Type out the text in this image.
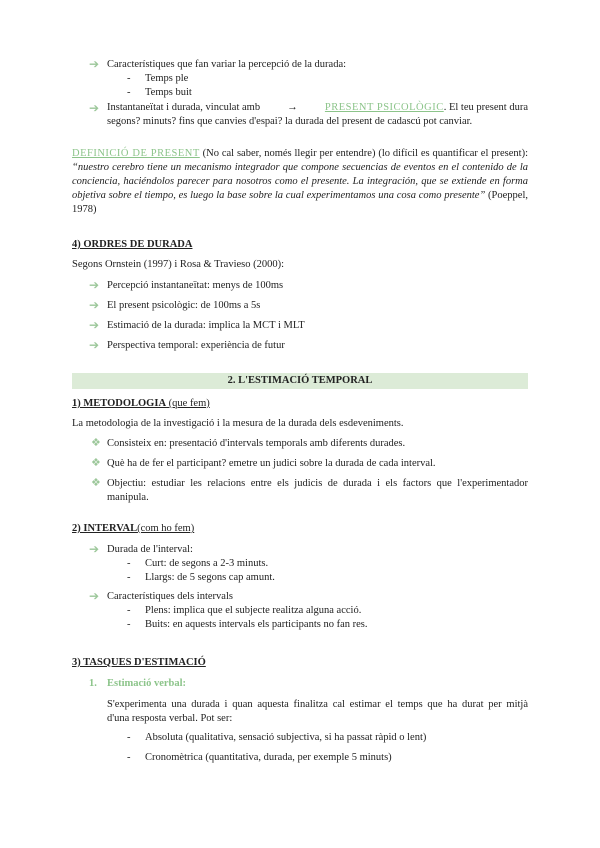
➔ Característiques que fan variar la percepció de la durada:
- Temps ple
- Temps buit
➔ Instantaneïtat i durada, vinculat amb	→	PRESENT PSICOLÒGIC. El teu present dura
segons? minuts? fins que canvies d'espai? la durada del present de cadascú pot canviar.
DEFINICIÓ DE PRESENT (No cal saber, només llegir per entendre) (lo difícil es quantificar el present): “nuestro cerebro tiene un mecanismo integrador que compone secuencias de eventos en el contenido de la conciencia, haciéndolos parecer para nosotros como el presente. La integración, que se extiende en forma objetiva sobre el tiempo, es luego la base sobre la cual experimentamos una cosa como presente” (Poeppel, 1978)
4) ORDRES DE DURADA
Segons Ornstein (1997) i Rosa & Travieso (2000):
➔ Percepció instantaneïtat: menys de 100ms
➔ El present psicològic: de 100ms a 5s
➔ Estimació de la durada: implica la MCT i MLT
➔ Perspectiva temporal: experiència de futur
2. L'ESTIMACIÓ TEMPORAL
1) METODOLOGIA (que fem)
La metodologia de la investigació i la mesura de la durada dels esdeveniments.
❖ Consisteix en: presentació d'intervals temporals amb diferents durades.
❖ Què ha de fer el participant? emetre un judici sobre la durada de cada interval.
❖ Objectiu: estudiar les relacions entre els judicis de durada i els factors que l'experimentador
manipula.
2) INTERVAL(com ho fem)
➔ Durada de l'interval:
- Curt: de segons a 2-3 minuts.
- Llargs: de 5 segons cap amunt.
➔ Característiques dels intervals
- Plens: implica que el subjecte realitza alguna acció.
- Buits: en aquests intervals els participants no fan res.
3) TASQUES D'ESTIMACIÓ
1. Estimació verbal:
S'experimenta una durada i quan aquesta finalitza cal estimar el temps que ha durat per mitjà
d'una resposta verbal. Pot ser:
- Absoluta (qualitativa, sensació subjectiva, si ha passat ràpid o lent)
- Cronomètrica (quantitativa, durada, per exemple 5 minuts)
